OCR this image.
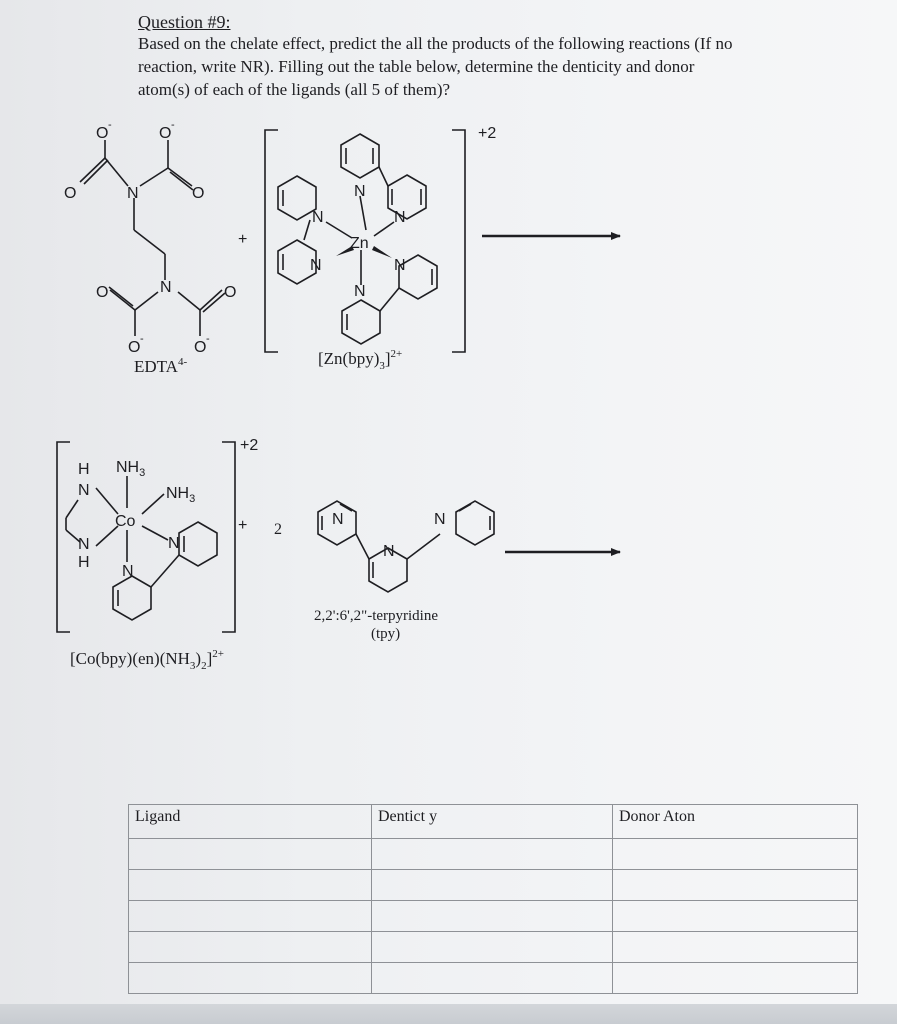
Question #9:
Based on the chelate effect, predict the all the products of the following reactions (If no
reaction, write NR). Filling out the table below, determine the denticity and donor
atom(s) of each of the ligands (all 5 of them)?
O -	O -
O	N	O
O	N	O
O -	O -
$EDTA^{4-}$
+
+2
N
N	N
N	N
N
Zn
$[Zn(bpy)_3]^{2+}$
+2
$NH_3$
$NH_3$
H
N
N
H
Co
N
N
$[Co(bpy)(en)(NH_3)_2]^{2+}$
+ 2
N
N
N
2,2':6',2"-terpyridine
(tpy)
Ligand	Dentict y	Donor Aton
